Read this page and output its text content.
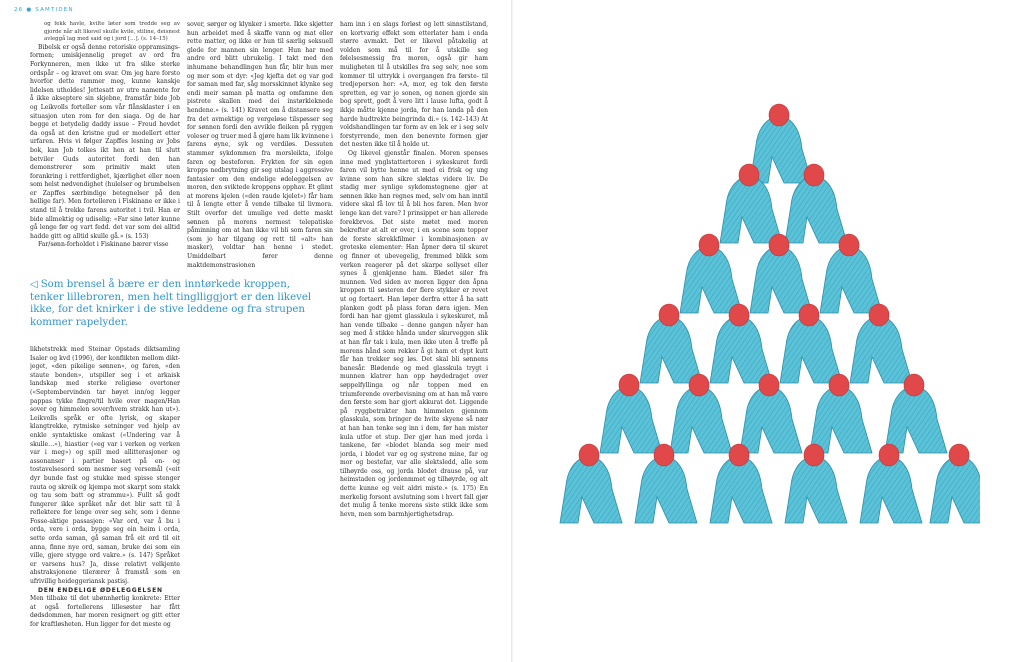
26 ● SAMTIDEN

og fekk havle, kvilte løter som tredde seg av gjorde når alt likevel skulle kvile, stiline, deisnest avleggå lag med said og i jord […]. (s. 14–15)

Bibelsk er også denne retoriske oppramsings-formen; umiskjennelig preget av ord fra Forkynneren, men ikke ut fra slike sterke ordspår – og kravet om svar. Om jeg hare forsto hvorfor dette rammer meg, kunne kanskje lidelsen utholdes! Jettesatt av utre namente for å ikke akseptere sin skjebne, framstår bide Job og Leikvolls forteller som vår flånsklaster i en situasjon uten rom for den siaga. Og de har begge et betydelig daddy issue – Freud hevdet da også at den kristne gud er modellert etter urfaren. Hvis vi følger Zapffes lesning av Jobs bok, kan Job tolkes ikt hen at han til slutt betviler Guds autoritet fordi den han demonstrerer som primitiv makt uten forankring i rettferdighet, kjærlighet eller noen som helst nødvendighet (hulelser og brumbelsen er Zapffes særbindige betegnelser på den hellige far). Men fortelleren i Fiskinane er ikke i stand til å trekke farens autoritet i tvil. Han er bide allmektig og udiselig: «Far sine løter kunne gå lenge før og vart fedd. det var som dei alltid hadde gitt og alltid skulle gå.» (s. 153)

Far/sønn-forholdet i Fiskinane bærer visse

sover, sørger og klynker i smerte. Ikke skjøtter hun arbeidet med å skaffe vann og mat eller rette matter, og ikke er hun til særlig seksuell glede for mannen sin lenger. Hun har med andre ord blitt ubrukelig. I takt med den inhumane behandlingen hun får, blir hun mer og mer som et dyr: «Jeg kjefta det eg var god for saman med far, såg morsskinnet klynke seg endi meir saman på matta og omfamne den pistrete skallen med dei instørkleknede hendene.» (s. 141) Kravet om å distansere seg fra det avmektige og vergeløse tilspøsser seg for sønnen fordi den avvikle fleiken på ryggen voleser og truer med å gjøre ham lik kvinnene i farens øyne, syk og verdiløs. Dessuten stammer sykdommen fra morsleikta, ifolge faren og besteforen. Frykten for sin egen kropps nedbrytning gir seg utslag i aggressive fantasier om den endelige ødeleggelsen av moren, den sviktede kroppens opphav. Et glimt at morens kjelen («den raude kjelet») får ham til å lengte etter å vende tilbake til livmora. Stilt overfor det umulige ved dette maskt sønnen på morens nermest telepatiske påminning om at han ikke vil bli som faren sin (som jo har tilgang og rett til «alt» han masker), voldtar han henne i stedet. Umiddelbart fører denne maktdemonstrasjonen

ham inn i en slags forløst og lett sinnstilstand, en kortvarig effekt som etterlater ham i enda større avmakt. Det er likevel påtakelig at volden som må til for å utskille seg følelsesmessig fra moren, også gir ham muligheten til å utskilles fra seg selv, noe som kommer til uttrykk i overgangen fra første- til tredjeperson her: «A, mor, eg tok den første spretten, eg var jo sonen, og nonen gjorde sin bog sprett, godt å vere litt i lause lufta, godt å ikkje måtte kjenne jorda, for han landa på den harde hudtrekte beingrinda di.» (s. 142–143) At voldshandlingen tar form av en lek er i seg selv forstyrrende, men den benevnte formen gjør det nesten ikke til å holde ut.

Og likevel gjenstår finalen. Moren spenses inne med ynglstattertoren i sykeskuret fordi faren vil bytte henne ut med ei frisk og ung kvinne som han sikre sløktas videre liv. De stadig mer synlige sykdomstegnene gjør at sønnen ikke han regnes med, selv om han inntil videre skal få lov til å bli hos faren. Men hvor lenge kan det vare? I prinsippet er han allerede forekbrvos. Det siste møtet med moren bekrefter at alt er over, i en scene som topper de forste skrekkfilmer i kombinasjonen av groteske elementer: Han åpner døra til skuret og finner et ubevegelig, fremmed blikk som verken reagerer på det skarpe sollyset eller synes å gjenkjenne ham. Blødet siler fra munnen. Ved siden av moren ligger den åpna kroppen til søsteren der flere stykker er revet ut og fortaert. Han løper derfra etter å ha satt planken godt på plass foran døra igjen. Men fordi han har gjemt glasskula i sykeskuret, må han vende tilbake – denne gangen nåyer han seg med å stikke hånda under skurveggen slik at han får tak i kula, men ikke uten å treffe på morens hånd som rekker å gi ham et dypt kutt får han trekker seg løs. Det skal bli sønnens banesår. Blødende og med glasskula trygt i munnen klatrer han opp høydedraget over søppelfyllinga og når toppen med en triumferende overbevisning om at han må være den første som har gjort akkurat det. Liggende på ryggbetrakter han himmelen gjennom glasskula, som bringer de hvite skyene så nær at han han tenke seg inn i dem, før han mister kula utfor et stup. Der gjør han med jorda i tankene, før «blodet blanda seg meir med jorda, i blodet var eg og systrene mine, far og mor og bestefar, var alle slektsledd, alle som tilhøyrde oss, og jorda blodet drause på, var heimstaden og jordenmmet eg tilhøyrde, og alt dette kunne eg veit aldri miste.» (s. 175) En merkelig forsont avslutning som i hvert fall gjør det mulig å tenke morens siste stikk ikke som hevn, men som barmhjertighetsdrap.

◁ Som brensel å bære er den inntørkede kroppen, tenker lillebroren, men helt tinglliggjort er den likevel ikke, for det knirker i de stive leddene og fra strupen kommer rapelyder.

likhetstrekk med Steinar Opstads diktsamling Isaler og kvd (1996), der konflikten mellom dikt-jeget, «den pikelige sønnen», og faren, «den staute bonden», utspiller seg i et arkaisk landskap med sterke religiøse overtoner («Septembervinden tar høyet inn/og legger pappas tykke fingre/til hvile over magen/Han sover og himmelen sover/hvem strakk han ut»). Leikvolls språk er ofte lyrisk, og skaper klangtrekke, rytmiske setninger ved hjelp av enkle syntaktiske omkast («Undering var å skulle…»), hiastier («eg var i verken og verken var i meg») og spill med allitterasjoner og assonanser i partier basert på en- og tostavelsesord som nesmer seg versemål («eit dyr bunde fast og stukke med spisse stenger rauta og skreik og kjempa mot skarpt som stakk og tau som batt og strammu»). Fullt så godt fungerer ikke språket når det blir satt til å reflektere for lenge over seg selv, som i denne Fosse-aktige passasjen: «Var ord, var å bu i orda, vere i orda, bygge seg ein heim i orda, sette orda saman, gå saman frå eit ord til eit anna, finne nye ord, saman, bruke dei som ein ville, gjere stygge ord vakre.» (s. 147) Språket er varsens hus? Ja, disse relativt velkjente abstraksjonene tilerærer å framstå som en ufrivillig heideggeriansk pastisj.

DEN ENDELIGE ØDELEGGELSEN

Men tilbake til det ubønnhørlig konkrete: Etter at også fortellerens lillesøster har fått dødsdommen, har moren resignert og gitt etter for kraftløsheten. Hun ligger for det meste og
